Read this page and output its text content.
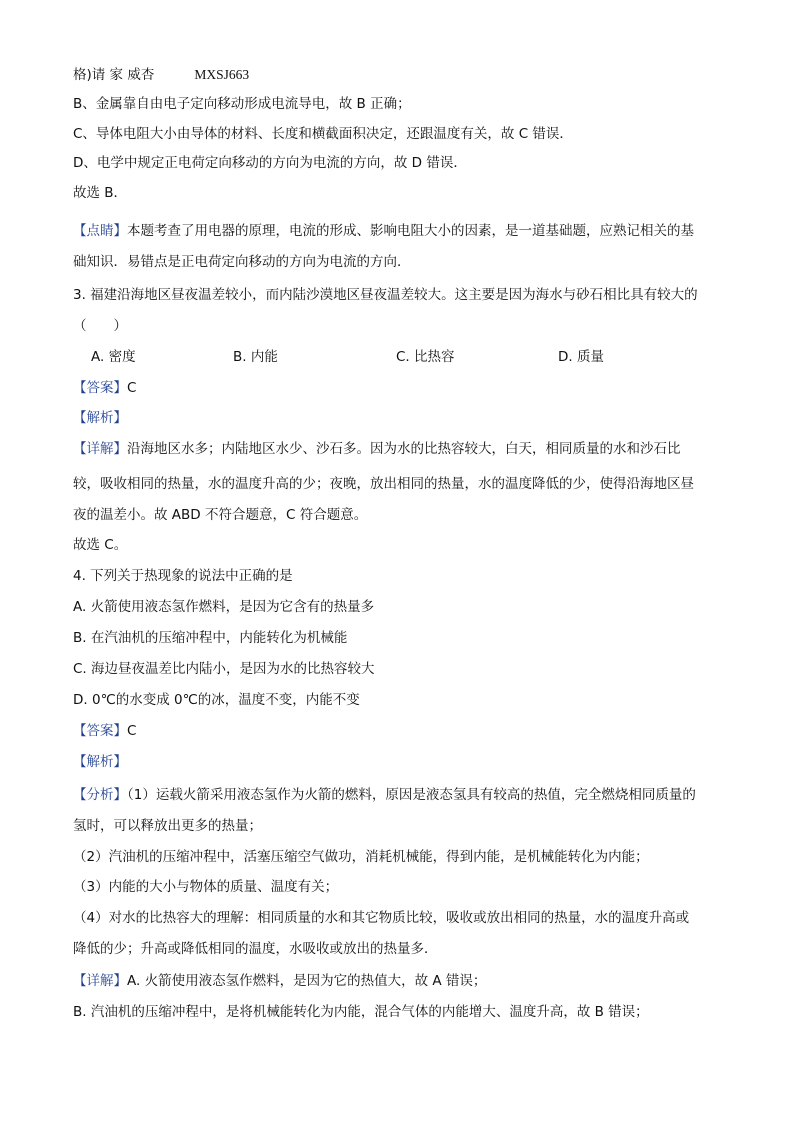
格)请 家 威杏	MXSJ663
B、金属靠自由电子定向移动形成电流导电，故 B 正确；
C、导体电阻大小由导体的材料、长度和横截面积决定，还跟温度有关，故 C 错误．
D、电学中规定正电荷定向移动的方向为电流的方向，故 D 错误．
故选 B．
【点睛】本题考查了用电器的原理，电流的形成、影响电阻大小的因素，是一道基础题，应熟记相关的基
础知识．易错点是正电荷定向移动的方向为电流的方向．
3. 福建沿海地区昼夜温差较小，而内陆沙漠地区昼夜温差较大。这主要是因为海水与砂石相比具有较大的
（　　）
A. 密度	B. 内能	C. 比热容	D. 质量
【答案】C
【解析】
【详解】沿海地区水多；内陆地区水少、沙石多。因为水的比热容较大，白天，相同质量的水和沙石比
较，吸收相同的热量，水的温度升高的少；夜晚，放出相同的热量，水的温度降低的少，使得沿海地区昼
夜的温差小。故 ABD 不符合题意，C 符合题意。
故选 C。
4. 下列关于热现象的说法中正确的是
A. 火箭使用液态氢作燃料，是因为它含有的热量多
B. 在汽油机的压缩冲程中，内能转化为机械能
C. 海边昼夜温差比内陆小，是因为水的比热容较大
D. 0℃的水变成 0℃的冰，温度不变，内能不变
【答案】C
【解析】
【分析】（1）运载火箭采用液态氢作为火箭的燃料，原因是液态氢具有较高的热值，完全燃烧相同质量的
氢时，可以释放出更多的热量；
（2）汽油机的压缩冲程中，活塞压缩空气做功，消耗机械能，得到内能，是机械能转化为内能；
（3）内能的大小与物体的质量、温度有关；
（4）对水的比热容大的理解：相同质量的水和其它物质比较，吸收或放出相同的热量，水的温度升高或
降低的少；升高或降低相同的温度，水吸收或放出的热量多．
【详解】A. 火箭使用液态氢作燃料，是因为它的热值大，故 A 错误；
B. 汽油机的压缩冲程中，是将机械能转化为内能，混合气体的内能增大、温度升高，故 B 错误；
